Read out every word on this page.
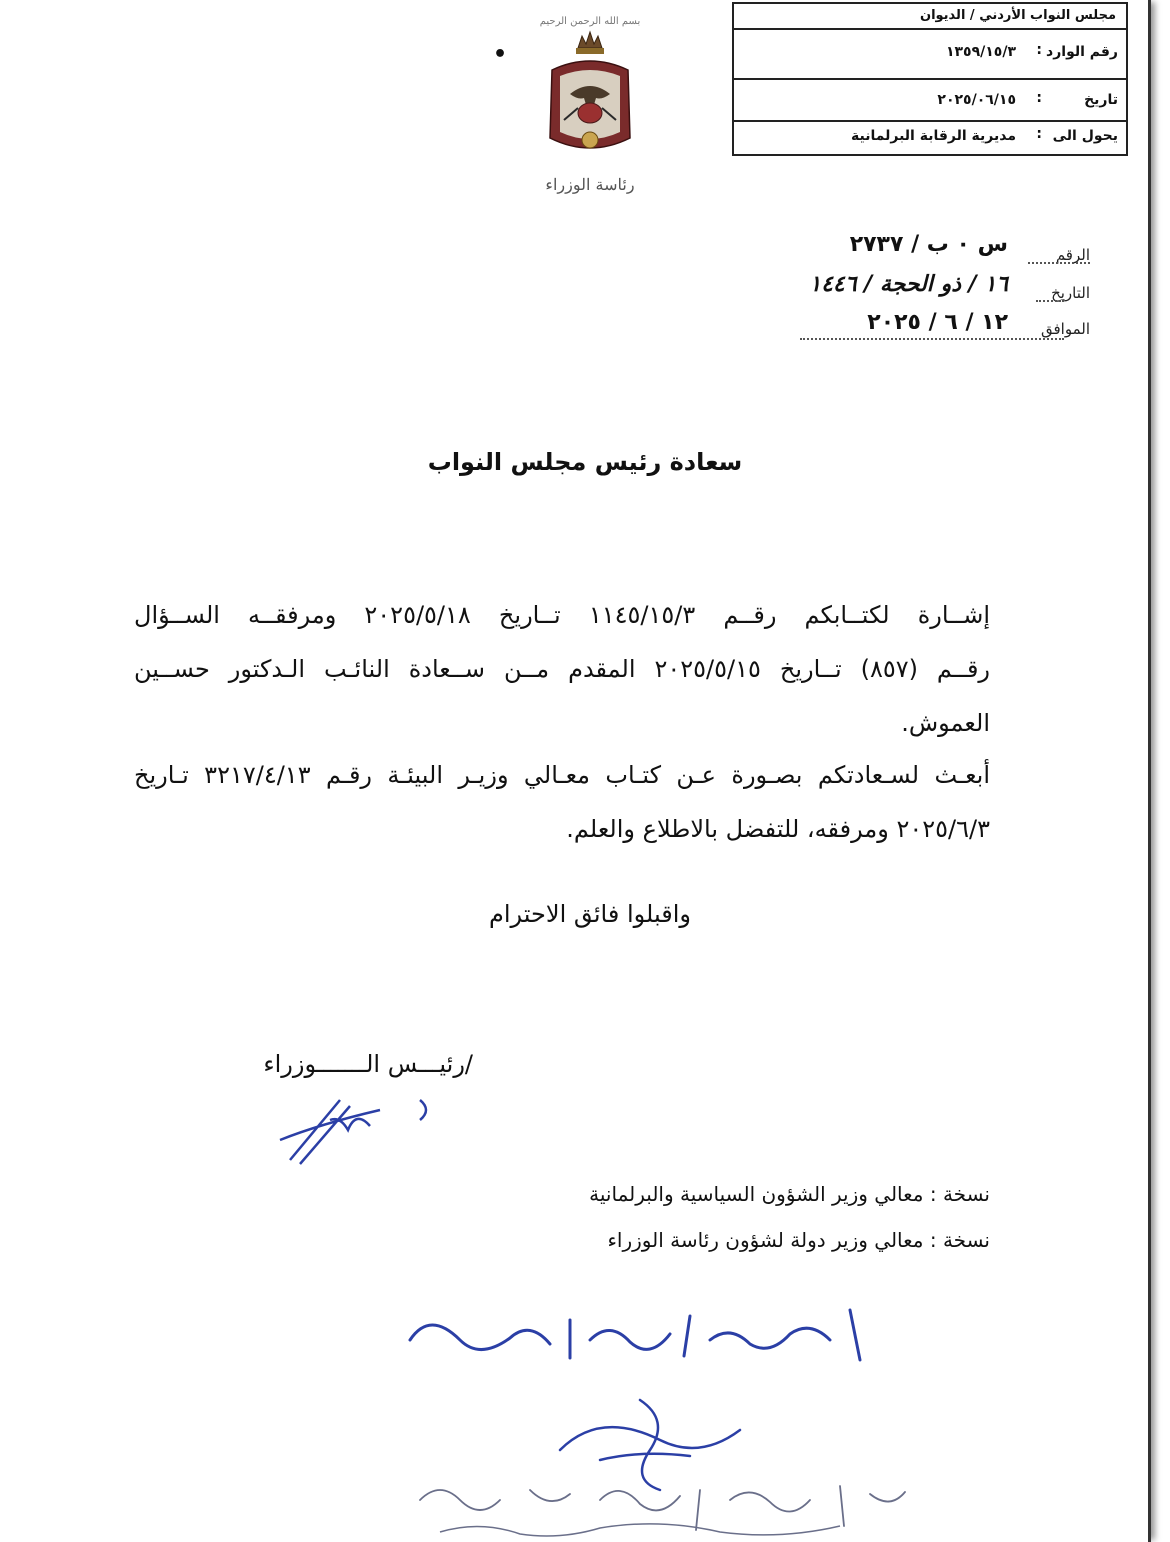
مجلس النواب الأردني / الديوان
رقم الوارد
:
١٣٥٩/١٥/٣
تاريخ
:
٢٠٢٥/٠٦/١٥
يحول الى
:
مديرية الرقابة البرلمانية
بسم الله الرحمن الرحيم
رئاسة الوزراء
•
الرقم
س ٠ ب / ٢٧٣٧
التاريخ
١٦ / ذو الحجة / ١٤٤٦
الموافق
١٢ / ٦ / ٢٠٢٥
سعادة رئيس مجلس النواب
إشــارة لكتــابكم رقــم ١١٤٥/١٥/٣ تــاريخ ٢٠٢٥/٥/١٨ ومرفقــه الســؤال
رقــم (٨٥٧) تــاريخ ٢٠٢٥/٥/١٥ المقدم مــن ســعادة النائـب الـدكتور حســين
العموش.
أبعـث لسـعادتكم بصـورة عـن كتـاب معـالي وزيـر البيئـة رقـم ٣٢١٧/٤/١٣ تـاريخ
٢٠٢٥/٦/٣ ومرفقه، للتفضل بالاطلاع والعلم.
واقبلوا فائق الاحترام
/رئيـــس الـــــــوزراء
نسخة : معالي وزير الشؤون السياسية والبرلمانية
نسخة : معالي وزير دولة لشؤون رئاسة الوزراء
